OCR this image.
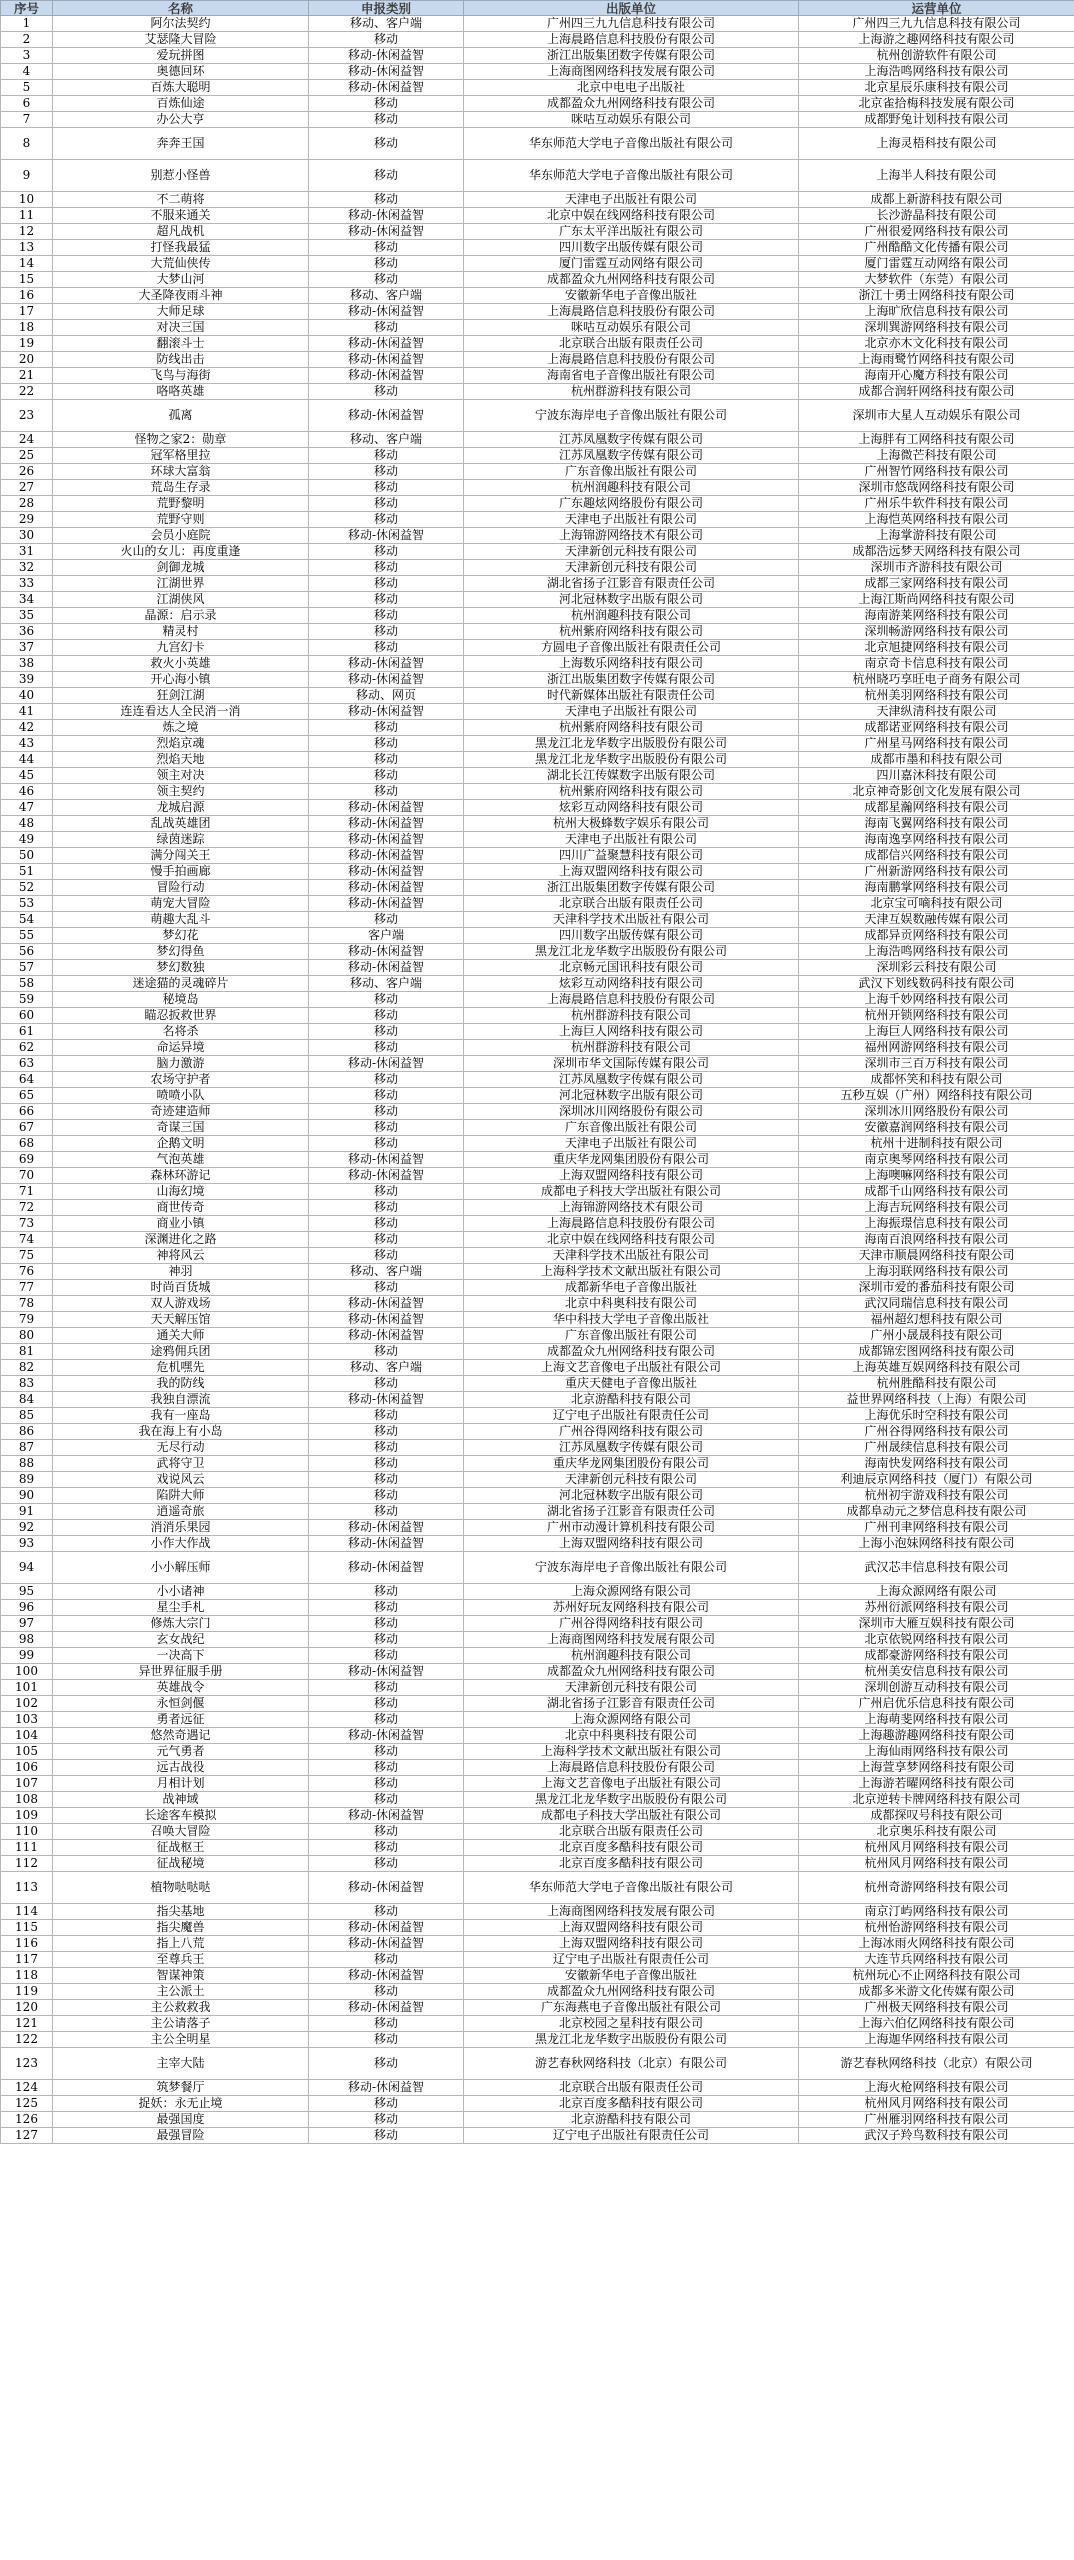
序号	名称	申报类别	出版单位	运营单位
1	阿尔法契约	移动、客户端	广州四三九九信息科技有限公司	广州四三九九信息科技有限公司
2	艾瑟隆大冒险	移动	上海晨路信息科技股份有限公司	上海游之趣网络科技有限公司
3	爱玩拼图	移动-休闲益智	浙江出版集团数字传媒有限公司	杭州创游软件有限公司
4	奥德回环	移动-休闲益智	上海商图网络科技发展有限公司	上海浩鸣网络科技有限公司
5	百炼大聪明	移动-休闲益智	北京中电电子出版社	北京星辰乐康科技有限公司
6	百炼仙途	移动	成都盈众九州网络科技有限公司	北京雀拾梅科技发展有限公司
7	办公大亨	移动	咪咕互动娱乐有限公司	成都野兔计划科技有限公司
8	奔奔王国	移动	华东师范大学电子音像出版社有限公司	上海灵梧科技有限公司
9	别惹小怪兽	移动	华东师范大学电子音像出版社有限公司	上海半人科技有限公司
10	不二萌将	移动	天津电子出版社有限公司	成都上新游科技有限公司
11	不服来通关	移动-休闲益智	北京中娱在线网络科技有限公司	长沙游晶科技有限公司
12	超凡战机	移动-休闲益智	广东太平洋出版社有限公司	广州很爱网络科技有限公司
13	打怪我最猛	移动	四川数字出版传媒有限公司	广州酷酷文化传播有限公司
14	大荒仙侠传	移动	厦门雷霆互动网络有限公司	厦门雷霆互动网络有限公司
15	大梦山河	移动	成都盈众九州网络科技有限公司	大梦软件（东莞）有限公司
16	大圣降夜雨斗神	移动、客户端	安徽新华电子音像出版社	浙江十勇士网络科技有限公司
17	大师足球	移动-休闲益智	上海晨路信息科技股份有限公司	上海旷欣信息科技有限公司
18	对决三国	移动	咪咕互动娱乐有限公司	深圳巽游网络科技有限公司
19	翻滚斗士	移动-休闲益智	北京联合出版有限责任公司	北京亦木文化科技有限公司
20	防线出击	移动-休闲益智	上海晨路信息科技股份有限公司	上海雨鹭竹网络科技有限公司
21	飞鸟与海街	移动-休闲益智	海南省电子音像出版社有限公司	海南开心魔方科技有限公司
22	咯咯英雄	移动	杭州群游科技有限公司	成都合润轩网络科技有限公司
23	孤离	移动-休闲益智	宁波东海岸电子音像出版社有限公司	深圳市大星人互动娱乐有限公司
24	怪物之家2：勋章	移动、客户端	江苏凤凰数字传媒有限公司	上海胖有工网络科技有限公司
25	冠军格里拉	移动	江苏凤凰数字传媒有限公司	上海微芒科技有限公司
26	环球大富翁	移动	广东音像出版社有限公司	广州智竹网络科技有限公司
27	荒岛生存录	移动	杭州润趣科技有限公司	深圳市悠哉网络科技有限公司
28	荒野黎明	移动	广东趣炫网络股份有限公司	广州乐牛软件科技有限公司
29	荒野守则	移动	天津电子出版社有限公司	上海恺英网络科技有限公司
30	会员小庭院	移动-休闲益智	上海锦游网络技术有限公司	上海掌游科技有限公司
31	火山的女儿：再度重逢	移动	天津新创元科技有限公司	成都浩远梦天网络科技有限公司
32	剑御龙城	移动	天津新创元科技有限公司	深圳市齐游科技有限公司
33	江湖世界	移动	湖北省扬子江影音有限责任公司	成都三家网络科技有限公司
34	江湖侠风	移动	河北冠林数字出版有限公司	上海江斯尚网络科技有限公司
35	晶源：启示录	移动	杭州润趣科技有限公司	海南游莱网络科技有限公司
36	精灵村	移动	杭州紫府网络科技有限公司	深圳畅游网络科技有限公司
37	九宫幻卡	移动	方圆电子音像出版社有限责任公司	北京旭捷网络科技有限公司
38	救火小英雄	移动-休闲益智	上海数乐网络科技有限公司	南京奇卡信息科技有限公司
39	开心海小镇	移动-休闲益智	浙江出版集团数字传媒有限公司	杭州晓巧享旺电子商务有限公司
40	狂剑江湖	移动、网页	时代新媒体出版社有限责任公司	杭州美羽网络科技有限公司
41	连连看达人全民消一消	移动-休闲益智	天津电子出版社有限公司	天津纵清科技有限公司
42	炼之境	移动	杭州紫府网络科技有限公司	成都诺亚网络科技有限公司
43	烈焰京魂	移动	黑龙江北龙华数字出版股份有限公司	广州星马网络科技有限公司
44	烈焰天地	移动	黑龙江北龙华数字出版股份有限公司	成都市墨和科技有限公司
45	领主对决	移动	湖北长江传媒数字出版有限公司	四川嘉沐科技有限公司
46	领主契约	移动	杭州紫府网络科技有限公司	北京神奇影创文化发展有限公司
47	龙城启源	移动-休闲益智	炫彩互动网络科技有限公司	成都星瀚网络科技有限公司
48	乱战英雄团	移动-休闲益智	杭州大极蜂数字娱乐有限公司	海南飞翼网络科技有限公司
49	绿茵迷踪	移动-休闲益智	天津电子出版社有限公司	海南逸享网络科技有限公司
50	满分闯关王	移动-休闲益智	四川广益聚慧科技有限公司	成都信兴网络科技有限公司
51	慢手拍画廊	移动-休闲益智	上海双盟网络科技有限公司	广州新游网络科技有限公司
52	冒险行动	移动-休闲益智	浙江出版集团数字传媒有限公司	海南鹏掌网络科技有限公司
53	萌宠大冒险	移动-休闲益智	北京联合出版有限责任公司	北京宝可嘀科技有限公司
54	萌趣大乱斗	移动	天津科学技术出版社有限公司	天津互娱数融传媒有限公司
55	梦幻花	客户端	四川数字出版传媒有限公司	成都异贡网络科技有限公司
56	梦幻得鱼	移动-休闲益智	黑龙江北龙华数字出版股份有限公司	上海浩鸣网络科技有限公司
57	梦幻数独	移动-休闲益智	北京畅元国讯科技有限公司	深圳彩云科技有限公司
58	迷途猫的灵魂碎片	移动、客户端	炫彩互动网络科技有限公司	武汉下划线数码科技有限公司
59	秘境岛	移动	上海晨路信息科技股份有限公司	上海千妙网络科技有限公司
60	瞄忍扳救世界	移动	杭州群游科技有限公司	杭州开锁网络科技有限公司
61	名将杀	移动	上海巨人网络科技有限公司	上海巨人网络科技有限公司
62	命运异境	移动	杭州群游科技有限公司	福州网游网络科技有限公司
63	脑力激游	移动-休闲益智	深圳市华文国际传媒有限公司	深圳市三百万科技有限公司
64	农场守护者	移动	江苏凤凰数字传媒有限公司	成都怀笑和科技有限公司
65	喷喷小队	移动	河北冠林数字出版有限公司	五秒互娱（广州）网络科技有限公司
66	奇迹建造师	移动	深圳冰川网络股份有限公司	深圳冰川网络股份有限公司
67	奇谋三国	移动	广东音像出版社有限公司	安徽嘉润网络科技有限公司
68	企鹅文明	移动	天津电子出版社有限公司	杭州十进制科技有限公司
69	气泡英雄	移动-休闲益智	重庆华龙网集团股份有限公司	南京奥琴网络科技有限公司
70	森林环游记	移动-休闲益智	上海双盟网络科技有限公司	上海噢嘛网络科技有限公司
71	山海幻境	移动	成都电子科技大学出版社有限公司	成都千山网络科技有限公司
72	商世传奇	移动	上海锦游网络技术有限公司	上海吉玩网络科技有限公司
73	商业小镇	移动	上海晨路信息科技股份有限公司	上海振璟信息科技有限公司
74	深渊进化之路	移动	北京中娱在线网络科技有限公司	海南百浪网络科技有限公司
75	神将风云	移动	天津科学技术出版社有限公司	天津市顺晨网络科技有限公司
76	神羽	移动、客户端	上海科学技术文献出版社有限公司	上海羽联网络科技有限公司
77	时尚百货城	移动	成都新华电子音像出版社	深圳市爱的番茄科技有限公司
78	双人游戏场	移动-休闲益智	北京中科奥科技有限公司	武汉同瑞信息科技有限公司
79	天天解压馆	移动-休闲益智	华中科技大学电子音像出版社	福州超幻想科技有限公司
80	通关大师	移动-休闲益智	广东音像出版社有限公司	广州小晟晟科技有限公司
81	途鸦佣兵团	移动	成都盈众九州网络科技有限公司	成都锦宏图网络科技有限公司
82	危机嘿先	移动、客户端	上海文艺音像电子出版社有限公司	上海英雄互娱网络科技有限公司
83	我的防线	移动	重庆天健电子音像出版社	杭州胜酷科技有限公司
84	我独自漂流	移动-休闲益智	北京游酷科技有限公司	益世界网络科技（上海）有限公司
85	我有一座岛	移动	辽宁电子出版社有限责任公司	上海优乐时空科技有限公司
86	我在海上有小岛	移动	广州谷得网络科技有限公司	广州谷得网络科技有限公司
87	无尽行动	移动	江苏凤凰数字传媒有限公司	广州晟续信息科技有限公司
88	武将守卫	移动	重庆华龙网集团股份有限公司	海南快发网络科技有限公司
89	戏说风云	移动	天津新创元科技有限公司	利迪辰京网络科技（厦门）有限公司
90	陷阱大师	移动	河北冠林数字出版有限公司	杭州初宇游戏科技有限公司
91	逍遥奇旅	移动	湖北省扬子江影音有限责任公司	成都阜动元之梦信息科技有限公司
92	消消乐果园	移动-休闲益智	广州市动漫计算机科技有限公司	广州刊聿网络科技有限公司
93	小作大作战	移动-休闲益智	上海双盟网络科技有限公司	上海小泡妹网络科技有限公司
94	小小解压师	移动-休闲益智	宁波东海岸电子音像出版社有限公司	武汉芯丰信息科技有限公司
95	小小诸神	移动	上海众源网络有限公司	上海众源网络有限公司
96	星尘手札	移动	苏州好玩友网络科技有限公司	苏州衍派网络科技有限公司
97	修炼大宗门	移动	广州谷得网络科技有限公司	深圳市大雁互娱科技有限公司
98	玄女战纪	移动	上海商图网络科技发展有限公司	北京依锐网络科技有限公司
99	一决高下	移动	杭州润趣科技有限公司	成都豪游网络科技有限公司
100	异世界征服手册	移动-休闲益智	成都盈众九州网络科技有限公司	杭州美安信息科技有限公司
101	英雄战令	移动	天津新创元科技有限公司	深圳创游互动科技有限公司
102	永恒剑偃	移动	湖北省扬子江影音有限责任公司	广州启优乐信息科技有限公司
103	勇者远征	移动	上海众源网络有限公司	上海萌斐网络科技有限公司
104	悠然奇遇记	移动-休闲益智	北京中科奥科技有限公司	上海趣游趣网络科技有限公司
105	元气勇者	移动	上海科学技术文献出版社有限公司	上海仙雨网络科技有限公司
106	远古战役	移动	上海晨路信息科技股份有限公司	上海萱享梦网络科技有限公司
107	月相计划	移动	上海文艺音像电子出版社有限公司	上海游若曜网络科技有限公司
108	战神域	移动	黑龙江北龙华数字出版股份有限公司	北京逆转卡牌网络科技有限公司
109	长途客车模拟	移动-休闲益智	成都电子科技大学出版社有限公司	成都探叹号科技有限公司
110	召唤大冒险	移动	北京联合出版有限责任公司	北京奥乐科技有限公司
111	征战枢王	移动	北京百度多酷科技有限公司	杭州风月网络科技有限公司
112	征战秘境	移动	北京百度多酷科技有限公司	杭州风月网络科技有限公司
113	植物哒哒哒	移动-休闲益智	华东师范大学电子音像出版社有限公司	杭州奇游网络科技有限公司
114	指尖基地	移动	上海商图网络科技发展有限公司	南京汀屿网络科技有限公司
115	指尖魔兽	移动-休闲益智	上海双盟网络科技有限公司	杭州怡游网络科技有限公司
116	指上八荒	移动-休闲益智	上海双盟网络科技有限公司	上海冰雨火网络科技有限公司
117	至尊兵王	移动	辽宁电子出版社有限责任公司	大连节兵网络科技有限公司
118	智谋神策	移动-休闲益智	安徽新华电子音像出版社	杭州玩心不止网络科技有限公司
119	主公派土	移动	成都盈众九州网络科技有限公司	成都多米游文化传媒有限公司
120	主公救救我	移动-休闲益智	广东海燕电子音像出版社有限公司	广州极天网络科技有限公司
121	主公请落子	移动	北京校园之星科技有限公司	上海六伯亿网络科技有限公司
122	主公全明星	移动	黑龙江北龙华数字出版股份有限公司	上海迦华网络科技有限公司
123	主宰大陆	移动	游艺春秋网络科技（北京）有限公司	游艺春秋网络科技（北京）有限公司
124	筑梦餐厅	移动-休闲益智	北京联合出版有限责任公司	上海火枪网络科技有限公司
125	捉妖：永无止境	移动	北京百度多酷科技有限公司	杭州风月网络科技有限公司
126	最强国度	移动	北京游酷科技有限公司	广州雁羽网络科技有限公司
127	最强冒险	移动	辽宁电子出版社有限责任公司	武汉子羚鸟数科技有限公司
